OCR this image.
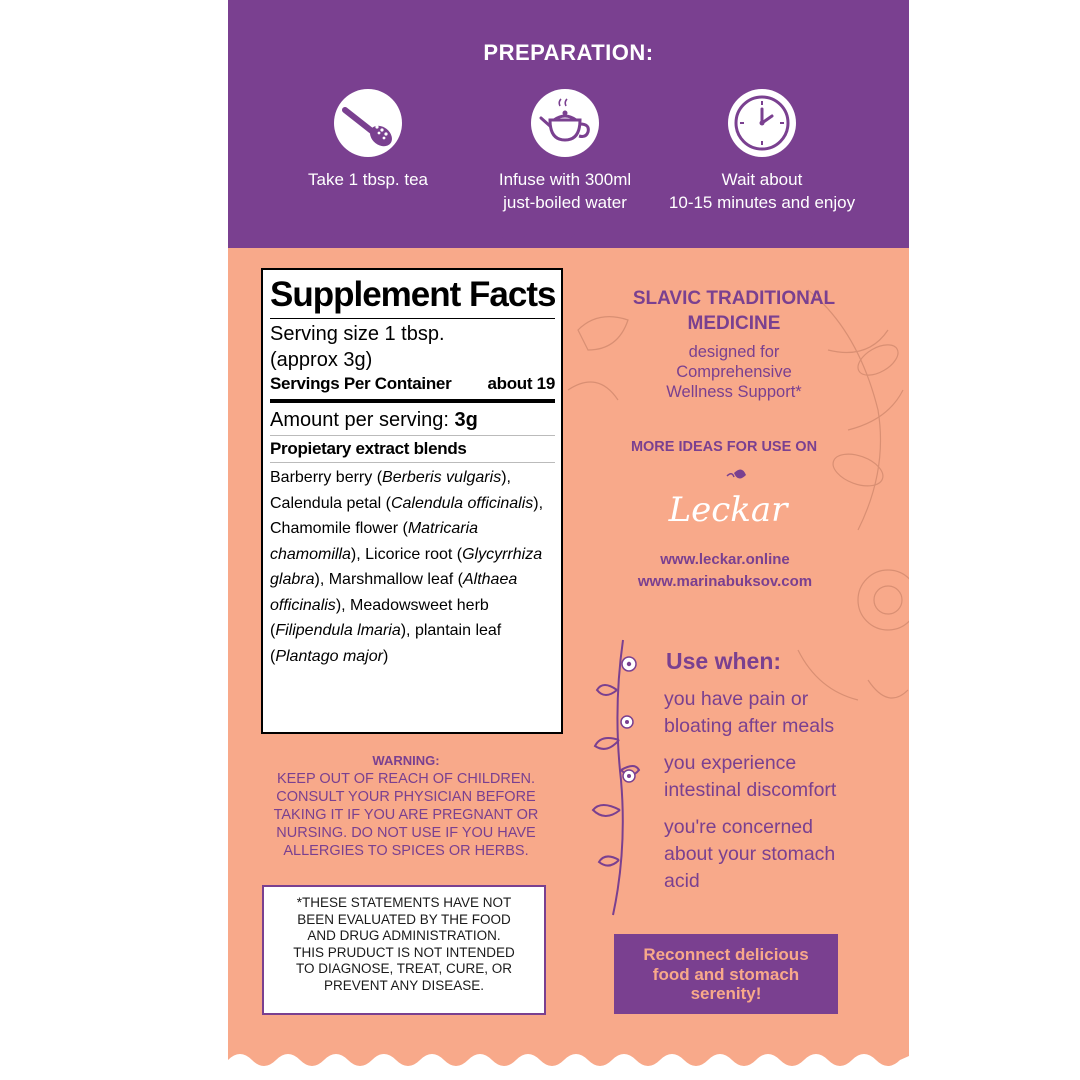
PREPARATION:
Take 1 tbsp. tea	Infuse with 300ml
just-boiled water
Wait about
10-15 minutes and enjoy
Supplement Facts
Serving size 1 tbsp.
(approx 3g)
Servings Per Container about 19
Amount per serving: 3g
Propietary extract blends
Barberry berry (Berberis vulgaris), Calendula petal (Calendula officinalis), Chamomile flower (Matricaria chamomilla), Licorice root (Glycyrrhiza glabra), Marshmallow leaf (Althaea officinalis), Meadowsweet herb (Filipendula lmaria), plantain leaf (Plantago major)
WARNING:
KEEP OUT OF REACH OF CHILDREN.
CONSULT YOUR PHYSICIAN BEFORE
TAKING IT IF YOU ARE PREGNANT OR
NURSING. DO NOT USE IF YOU HAVE
ALLERGIES TO SPICES OR HERBS.
*THESE STATEMENTS HAVE NOT
BEEN EVALUATED BY THE FOOD
AND DRUG ADMINISTRATION.
THIS PRUDUCT IS NOT INTENDED
TO DIAGNOSE, TREAT, CURE, OR
PREVENT ANY DISEASE.
SLAVIC TRADITIONAL
MEDICINE
designed for
Comprehensive
Wellness Support*
MORE IDEAS FOR USE ON
Leckar
www.leckar.online
www.marinabuksov.com
Use when:
you have pain or
bloating after meals
you experience
intestinal discomfort
you're concerned
about your stomach
acid
Reconnect delicious
food and stomach
serenity!
